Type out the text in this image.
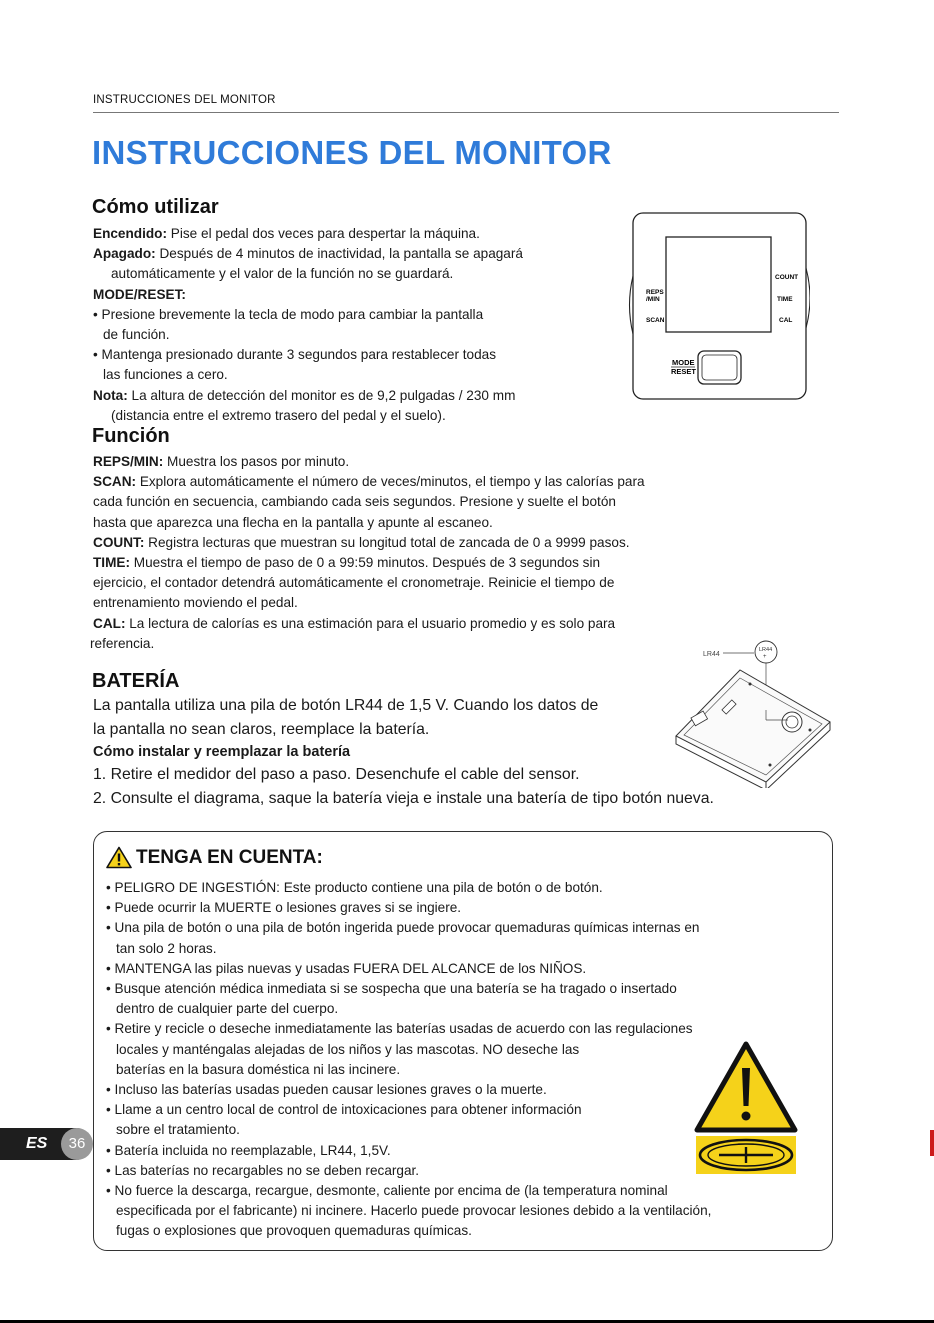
INSTRUCCIONES DEL MONITOR
INSTRUCCIONES DEL MONITOR
Cómo utilizar
Encendido: Pise el pedal dos veces para despertar la máquina.
Apagado: Después de 4 minutos de inactividad, la pantalla se apagará
automáticamente y el valor de la función no se guardará.
MODE/RESET:
• Presione brevemente la tecla de modo para cambiar la pantalla
de función.
• Mantenga presionado durante 3 segundos para restablecer todas
las funciones a cero.
Nota: La altura de detección del monitor es de 9,2 pulgadas / 230 mm
(distancia entre el extremo trasero del pedal y el suelo).
REPS
/MIN
SCAN
COUNT
TIME
CAL
MODE
RESET
Función
REPS/MIN: Muestra los pasos por minuto.
SCAN: Explora automáticamente el número de veces/minutos, el tiempo y las calorías para
cada función en secuencia, cambiando cada seis segundos. Presione y suelte el botón
hasta que aparezca una flecha en la pantalla y apunte al escaneo.
COUNT: Registra lecturas que muestran su longitud total de zancada de 0 a 9999 pasos.
TIME: Muestra el tiempo de paso de 0 a 99:59 minutos. Después de 3 segundos sin
ejercicio, el contador detendrá automáticamente el cronometraje. Reinicie el tiempo de
entrenamiento moviendo el pedal.
CAL: La lectura de calorías es una estimación para el usuario promedio y es solo para
referencia.
BATERÍA
La pantalla utiliza una pila de botón LR44 de 1,5 V. Cuando los datos de
la pantalla no sean claros, reemplace la batería.
Cómo instalar y reemplazar la batería
1. Retire el medidor del paso a paso. Desenchufe el cable del sensor.
2. Consulte el diagrama, saque la batería vieja e instale una batería de tipo botón nueva.
LR44
LR44
+
TENGA EN CUENTA:
• PELIGRO DE INGESTIÓN: Este producto contiene una pila de botón o de botón.
• Puede ocurrir la MUERTE o lesiones graves si se ingiere.
• Una pila de botón o una pila de botón ingerida puede provocar quemaduras químicas internas en
tan solo 2 horas.
• MANTENGA las pilas nuevas y usadas FUERA DEL ALCANCE de los NIÑOS.
• Busque atención médica inmediata si se sospecha que una batería se ha tragado o insertado
dentro de cualquier parte del cuerpo.
• Retire y recicle o deseche inmediatamente las baterías usadas de acuerdo con las regulaciones
locales y manténgalas alejadas de los niños y las mascotas. NO deseche las
baterías en la basura doméstica ni las incinere.
• Incluso las baterías usadas pueden causar lesiones graves o la muerte.
• Llame a un centro local de control de intoxicaciones para obtener información
sobre el tratamiento.
• Batería incluida no reemplazable, LR44, 1,5V.
• Las baterías no recargables no se deben recargar.
• No fuerce la descarga, recargue, desmonte, caliente por encima de (la temperatura nominal
especificada por el fabricante) ni incinere. Hacerlo puede provocar lesiones debido a la ventilación,
fugas o explosiones que provoquen quemaduras químicas.
ES	36
